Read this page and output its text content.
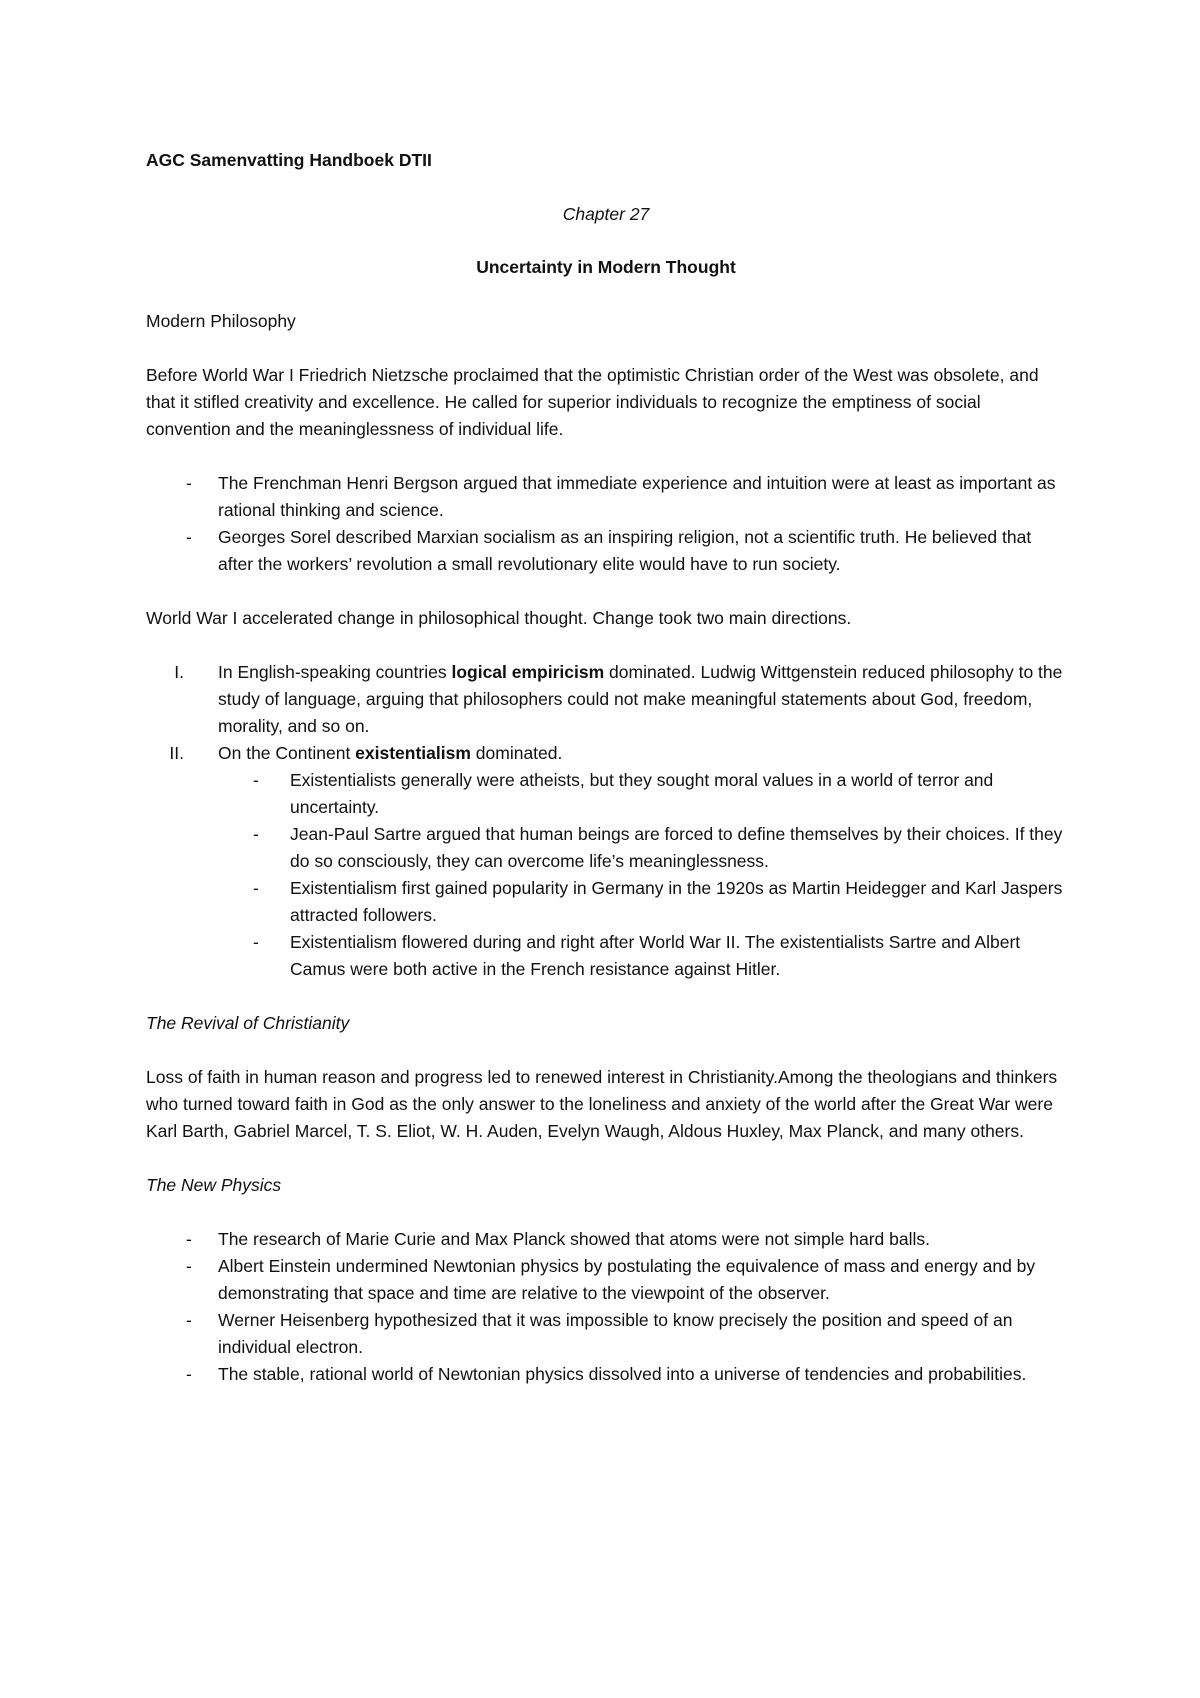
AGC Samenvatting Handboek DTII

Chapter 27

Uncertainty in Modern Thought

Modern Philosophy

Before World War I Friedrich Nietzsche proclaimed that the optimistic Christian order of the West was obsolete, and that it stifled creativity and excellence. He called for superior individuals to recognize the emptiness of social convention and the meaninglessness of individual life.

- The Frenchman Henri Bergson argued that immediate experience and intuition were at least as important as rational thinking and science.
- Georges Sorel described Marxian socialism as an inspiring religion, not a scientific truth. He believed that after the workers’ revolution a small revolutionary elite would have to run society.

World War I accelerated change in philosophical thought. Change took two main directions.

I. In English-speaking countries logical empiricism dominated. Ludwig Wittgenstein reduced philosophy to the study of language, arguing that philosophers could not make meaningful statements about God, freedom, morality, and so on.
II. On the Continent existentialism dominated.
- Existentialists generally were atheists, but they sought moral values in a world of terror and uncertainty.
- Jean-Paul Sartre argued that human beings are forced to define themselves by their choices. If they do so consciously, they can overcome life’s meaninglessness.
- Existentialism first gained popularity in Germany in the 1920s as Martin Heidegger and Karl Jaspers attracted followers.
- Existentialism flowered during and right after World War II. The existentialists Sartre and Albert Camus were both active in the French resistance against Hitler.

The Revival of Christianity

Loss of faith in human reason and progress led to renewed interest in Christianity.Among the theologians and thinkers who turned toward faith in God as the only answer to the loneliness and anxiety of the world after the Great War were Karl Barth, Gabriel Marcel, T. S. Eliot, W. H. Auden, Evelyn Waugh, Aldous Huxley, Max Planck, and many others.

The New Physics

- The research of Marie Curie and Max Planck showed that atoms were not simple hard balls.
- Albert Einstein undermined Newtonian physics by postulating the equivalence of mass and energy and by demonstrating that space and time are relative to the viewpoint of the observer.
- Werner Heisenberg hypothesized that it was impossible to know precisely the position and speed of an individual electron.
- The stable, rational world of Newtonian physics dissolved into a universe of tendencies and probabilities.
